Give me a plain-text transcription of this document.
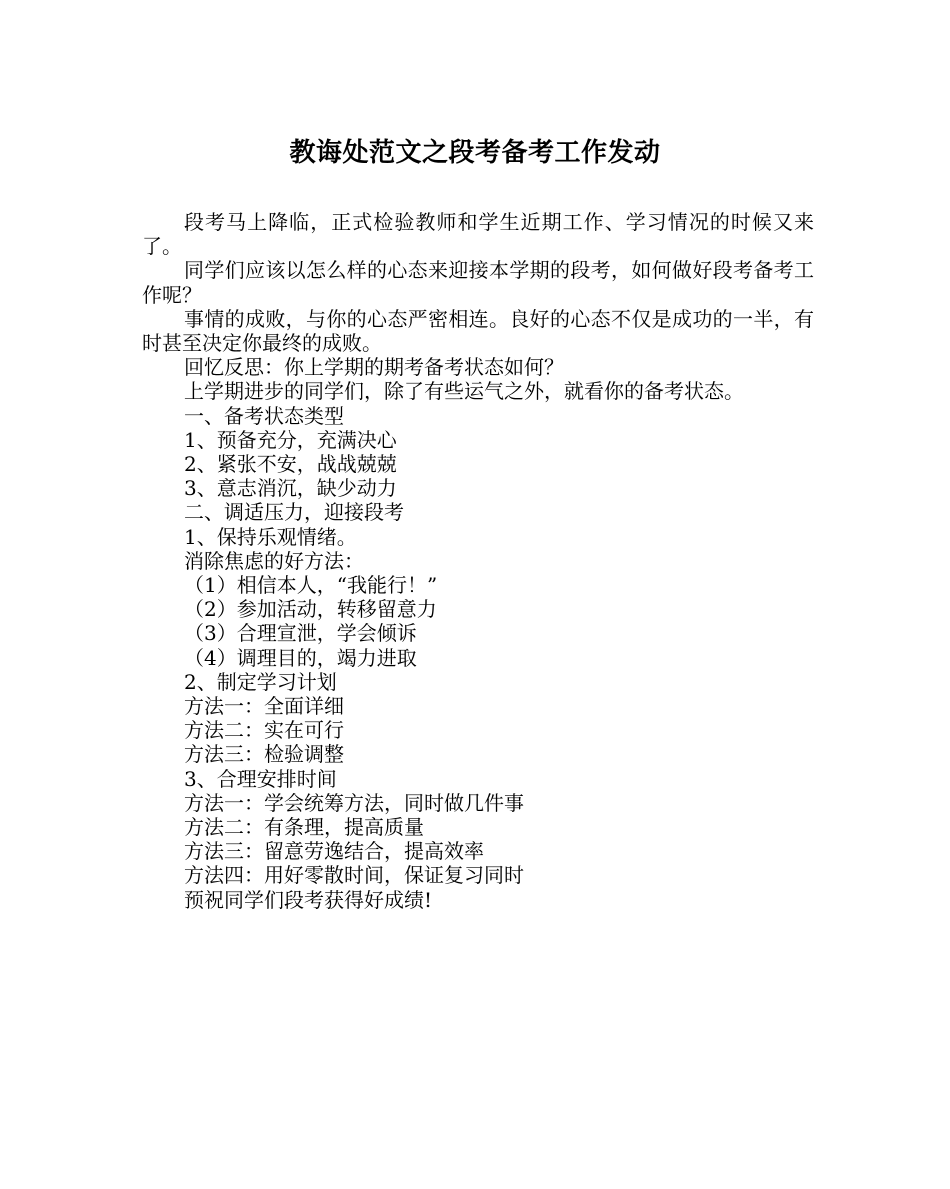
教诲处范文之段考备考工作发动

段考马上降临，正式检验教师和学生近期工作、学习情况的时候又来了。

同学们应该以怎么样的心态来迎接本学期的段考，如何做好段考备考工作呢？

事情的成败，与你的心态严密相连。良好的心态不仅是成功的一半，有时甚至决定你最终的成败。

回忆反思：你上学期的期考备考状态如何？

上学期进步的同学们，除了有些运气之外，就看你的备考状态。

一、备考状态类型

1、预备充分，充满决心

2、紧张不安，战战兢兢

3、意志消沉，缺少动力

二、调适压力，迎接段考

1、保持乐观情绪。

消除焦虑的好方法：

（1）相信本人，“我能行！”

（2）参加活动，转移留意力

（3）合理宣泄，学会倾诉

（4）调理目的，竭力进取

2、制定学习计划

方法一：全面详细

方法二：实在可行

方法三：检验调整

3、合理安排时间

方法一：学会统筹方法，同时做几件事

方法二：有条理，提高质量

方法三：留意劳逸结合，提高效率

方法四：用好零散时间，保证复习同时

预祝同学们段考获得好成绩!
